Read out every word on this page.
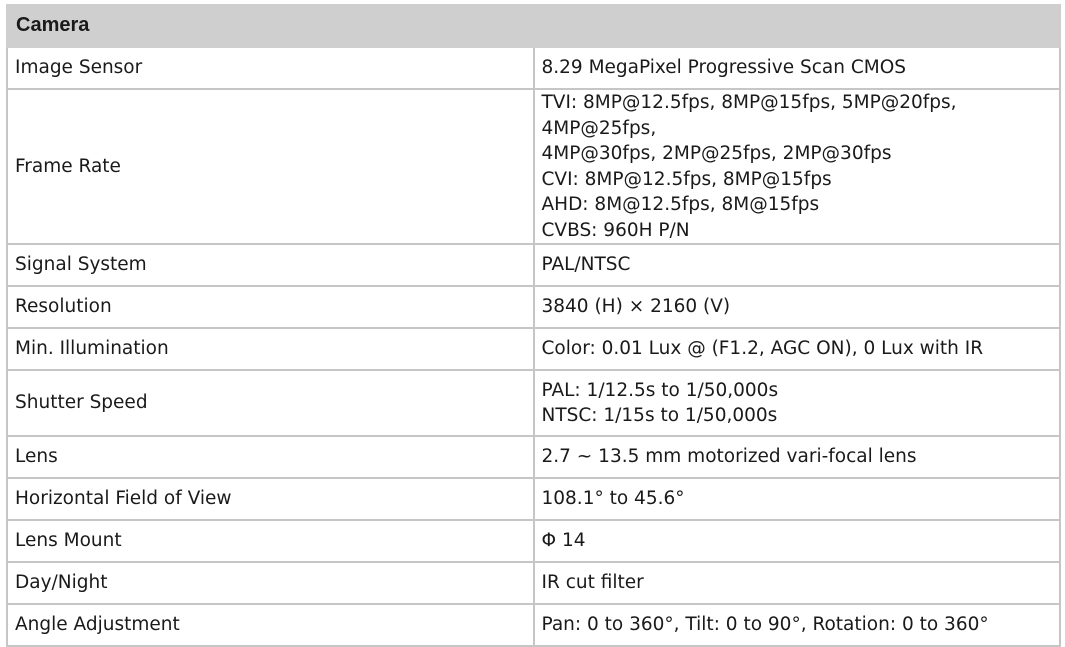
Camera	
Image Sensor	8.29 MegaPixel Progressive Scan CMOS

Frame Rate	TVI: 8MP@12.5fps, 8MP@15fps, 5MP@20fps, 4MP@25fps,
4MP@30fps, 2MP@25fps, 2MP@30fps
CVI: 8MP@12.5fps, 8MP@15fps
AHD: 8M@12.5fps, 8M@15fps
CVBS: 960H P/N

Signal System	PAL/NTSC

Resolution	3840 (H) × 2160 (V)

Min. Illumination	Color: 0.01 Lux @ (F1.2, AGC ON), 0 Lux with IR

Shutter Speed	PAL: 1/12.5s to 1/50,000s
NTSC: 1/15s to 1/50,000s

Lens	2.7 ~ 13.5 mm motorized vari-focal lens

Horizontal Field of View	108.1° to 45.6°

Lens Mount	Φ 14

Day/Night	IR cut filter

Angle Adjustment	Pan: 0 to 360°, Tilt: 0 to 90°, Rotation: 0 to 360°
